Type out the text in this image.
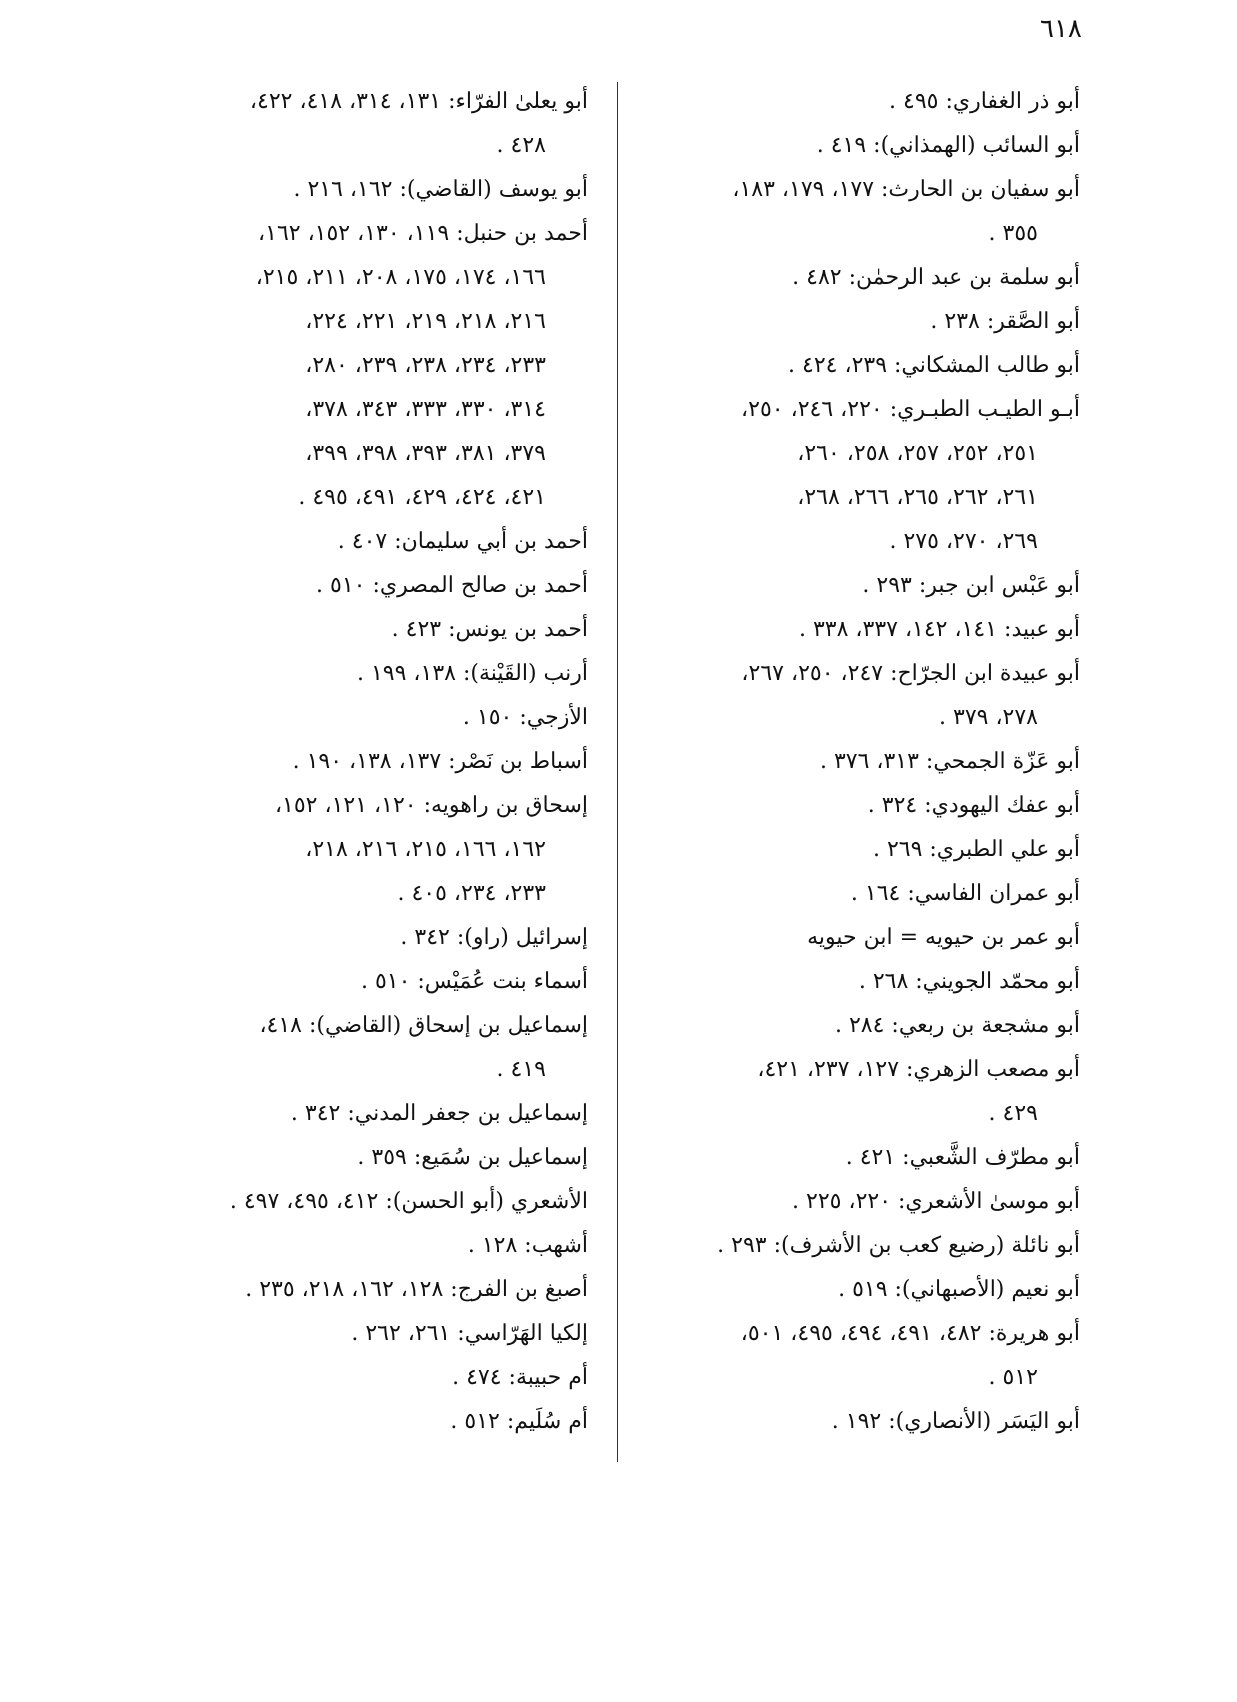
٦١٨
أبو ذر الغفاري: ٤٩٥ .
أبو السائب (الهمذاني): ٤١٩ .
أبو سفيان بن الحارث: ١٧٧، ١٧٩، ١٨٣،
٣٥٥ .
أبو سلمة بن عبد الرحمٰن: ٤٨٢ .
أبو الصَّقر: ٢٣٨ .
أبو طالب المشكاني: ٢٣٩، ٤٢٤ .
أبـو الطيـب الطبـري: ٢٢٠، ٢٤٦، ٢٥٠،
٢٥١، ٢٥٢، ٢٥٧، ٢٥٨، ٢٦٠،
٢٦١، ٢٦٢، ٢٦٥، ٢٦٦، ٢٦٨،
٢٦٩، ٢٧٠، ٢٧٥ .
أبو عَبْس ابن جبر: ٢٩٣ .
أبو عبيد: ١٤١، ١٤٢، ٣٣٧، ٣٣٨ .
أبو عبيدة ابن الجرّاح: ٢٤٧، ٢٥٠، ٢٦٧،
٢٧٨، ٣٧٩ .
أبو عَزّة الجمحي: ٣١٣، ٣٧٦ .
أبو عفك اليهودي: ٣٢٤ .
أبو علي الطبري: ٢٦٩ .
أبو عمران الفاسي: ١٦٤ .
أبو عمر بن حيويه = ابن حيويه
أبو محمّد الجويني: ٢٦٨ .
أبو مشجعة بن ربعي: ٢٨٤ .
أبو مصعب الزهري: ١٢٧، ٢٣٧، ٤٢١،
٤٢٩ .
أبو مطرّف الشَّعبي: ٤٢١ .
أبو موسىٰ الأشعري: ٢٢٠، ٢٢٥ .
أبو نائلة (رضيع كعب بن الأشرف): ٢٩٣ .
أبو نعيم (الأصبهاني): ٥١٩ .
أبو هريرة: ٤٨٢، ٤٩١، ٤٩٤، ٤٩٥، ٥٠١،
٥١٢ .
أبو اليَسَر (الأنصاري): ١٩٢ .
أبو يعلىٰ الفرّاء: ١٣١، ٣١٤، ٤١٨، ٤٢٢،
٤٢٨ .
أبو يوسف (القاضي): ١٦٢، ٢١٦ .
أحمد بن حنبل: ١١٩، ١٣٠، ١٥٢، ١٦٢،
١٦٦، ١٧٤، ١٧٥، ٢٠٨، ٢١١، ٢١٥،
٢١٦، ٢١٨، ٢١٩، ٢٢١، ٢٢٤،
٢٣٣، ٢٣٤، ٢٣٨، ٢٣٩، ٢٨٠،
٣١٤، ٣٣٠، ٣٣٣، ٣٤٣، ٣٧٨،
٣٧٩، ٣٨١، ٣٩٣، ٣٩٨، ٣٩٩،
٤٢١، ٤٢٤، ٤٢٩، ٤٩١، ٤٩٥ .
أحمد بن أبي سليمان: ٤٠٧ .
أحمد بن صالح المصري: ٥١٠ .
أحمد بن يونس: ٤٢٣ .
أرنب (القَيْنة): ١٣٨، ١٩٩ .
الأزجي: ١٥٠ .
أسباط بن نَصْر: ١٣٧، ١٣٨، ١٩٠ .
إسحاق بن راهويه: ١٢٠، ١٢١، ١٥٢،
١٦٢، ١٦٦، ٢١٥، ٢١٦، ٢١٨،
٢٣٣، ٢٣٤، ٤٠٥ .
إسرائيل (راو): ٣٤٢ .
أسماء بنت عُمَيْس: ٥١٠ .
إسماعيل بن إسحاق (القاضي): ٤١٨،
٤١٩ .
إسماعيل بن جعفر المدني: ٣٤٢ .
إسماعيل بن سُمَيع: ٣٥٩ .
الأشعري (أبو الحسن): ٤١٢، ٤٩٥، ٤٩٧ .
أشهب: ١٢٨ .
أصبغ بن الفرج: ١٢٨، ١٦٢، ٢١٨، ٢٣٥ .
إلكيا الهَرّاسي: ٢٦١، ٢٦٢ .
أم حبيبة: ٤٧٤ .
أم سُلَيم: ٥١٢ .
